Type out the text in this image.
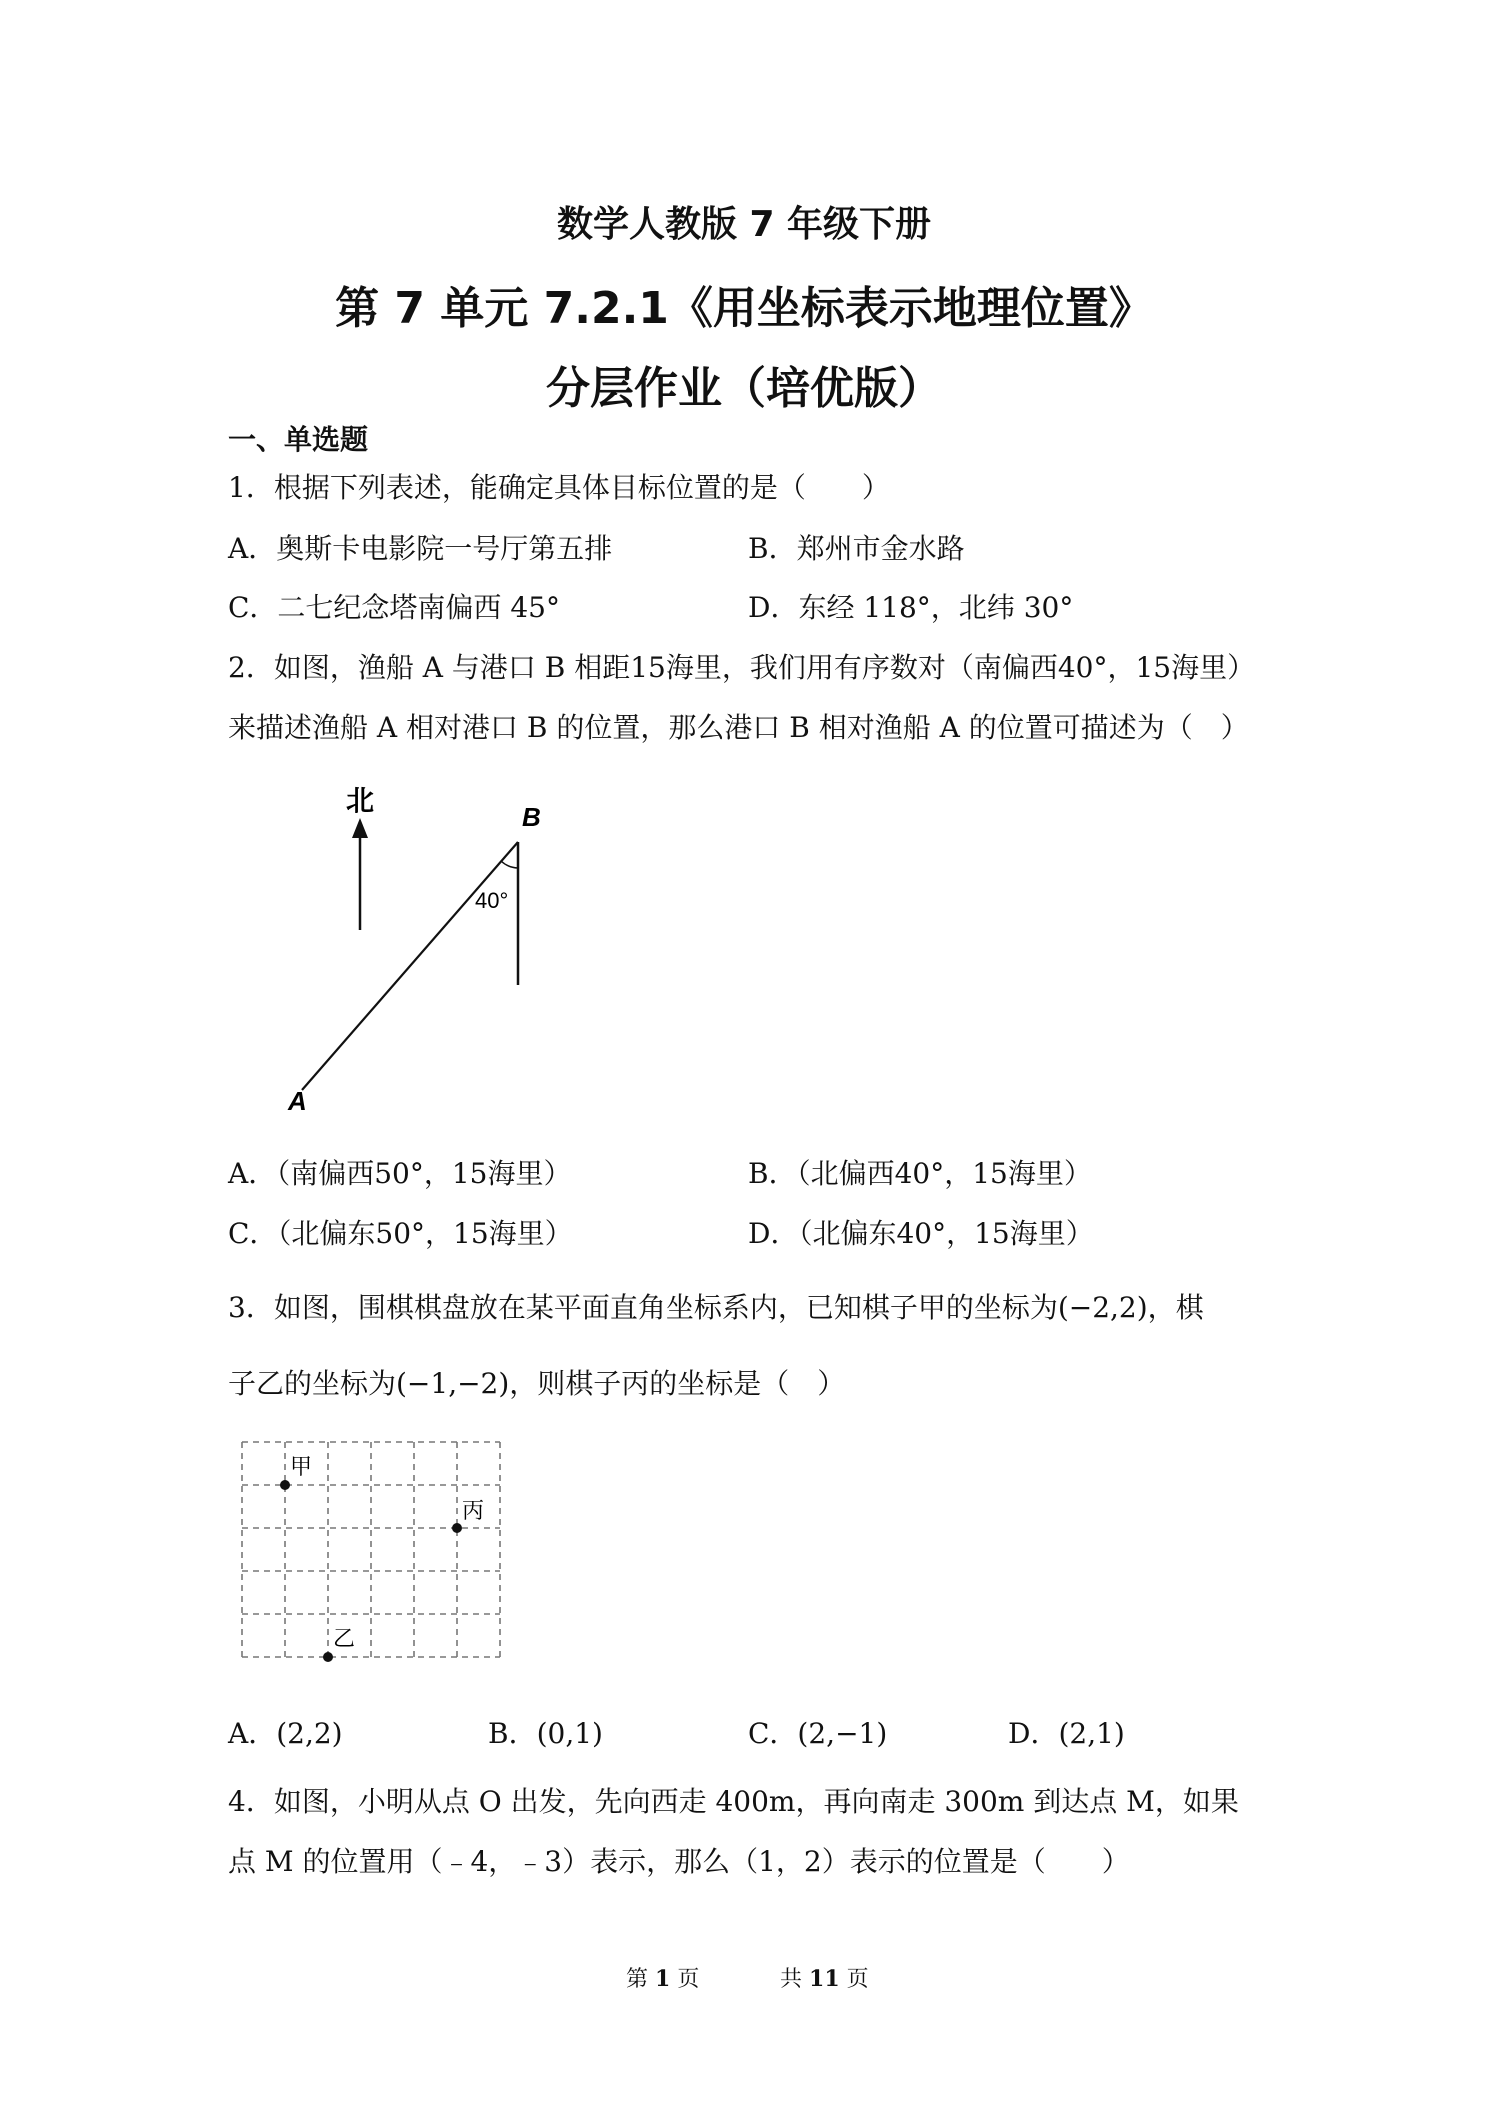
数学人教版 7 年级下册
第 7 单元 7.2.1《用坐标表示地理位置》
分层作业（培优版）
一、单选题
1．根据下列表述，能确定具体目标位置的是（　　）
A．奥斯卡电影院一号厅第五排	B．郑州市金水路
C．二七纪念塔南偏西 45°	D．东经 118°，北纬 30°
2．如图，渔船 A 与港口 B 相距15海里，我们用有序数对（南偏西40°，15海里）
来描述渔船 A 相对港口 B 的位置，那么港口 B 相对渔船 A 的位置可描述为（　）
北
B
A
40°
A．（南偏西50°，15海里）	B．（北偏西40°，15海里）
C．（北偏东50°，15海里）	D．（北偏东40°，15海里）
3．如图，围棋棋盘放在某平面直角坐标系内，已知棋子甲的坐标为(−2,2)，棋
子乙的坐标为(−1,−2)，则棋子丙的坐标是（　）
甲
丙
乙
A．(2,2)	B．(0,1)	C．(2,−1)	D．(2,1)
4．如图，小明从点 O 出发，先向西走 400m，再向南走 300m 到达点 M，如果
点 M 的位置用（﹣4，﹣3）表示，那么（1，2）表示的位置是（　　）
第 1 页	共 11 页
